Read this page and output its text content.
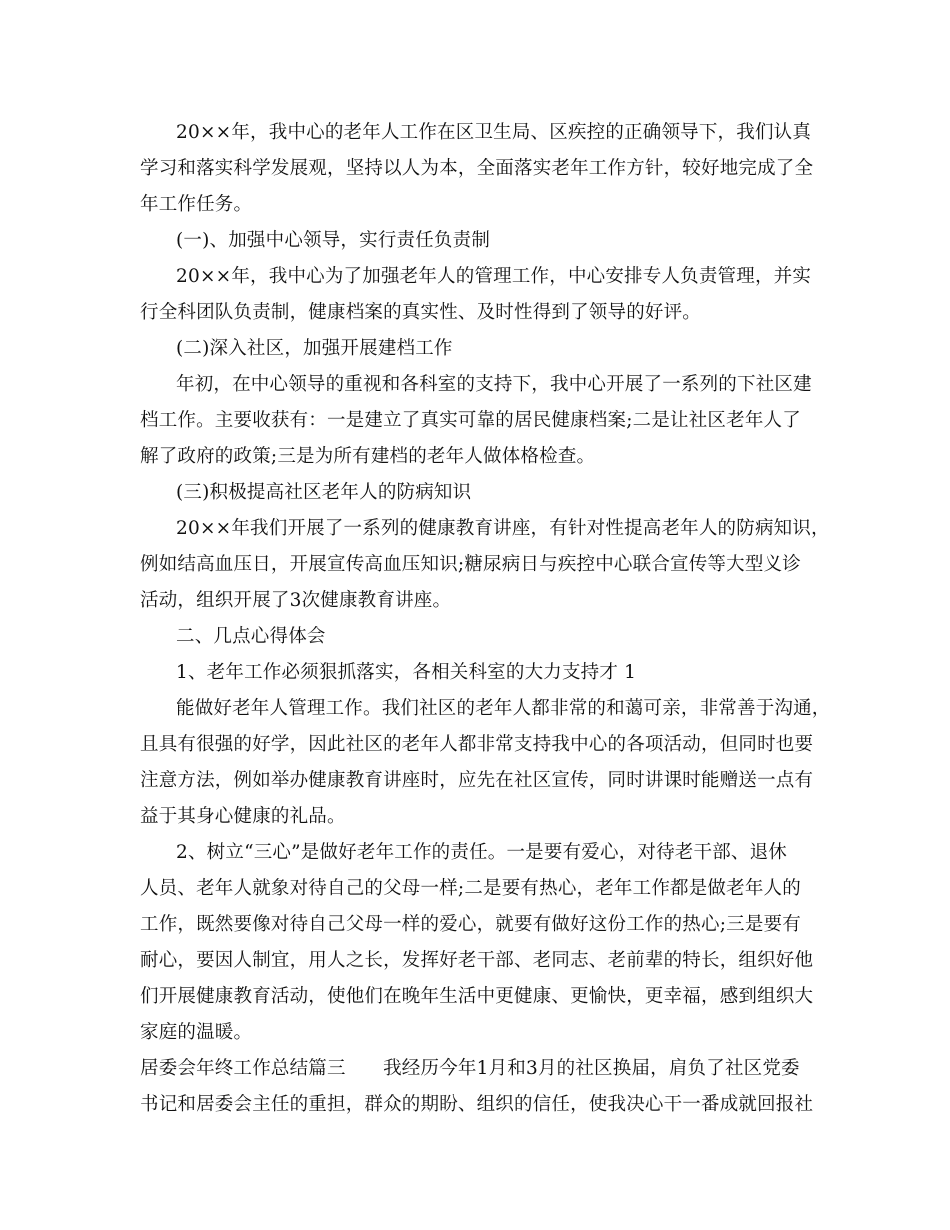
20××年，我中心的老年人工作在区卫生局、区疾控的正确领导下，我们认真
学习和落实科学发展观，坚持以人为本，全面落实老年工作方针，较好地完成了全
年工作任务。
(一)、加强中心领导，实行责任负责制
20××年，我中心为了加强老年人的管理工作，中心安排专人负责管理，并实
行全科团队负责制，健康档案的真实性、及时性得到了领导的好评。
(二)深入社区，加强开展建档工作
年初，在中心领导的重视和各科室的支持下，我中心开展了一系列的下社区建
档工作。主要收获有：一是建立了真实可靠的居民健康档案;二是让社区老年人了
解了政府的政策;三是为所有建档的老年人做体格检查。
(三)积极提高社区老年人的防病知识
20××年我们开展了一系列的健康教育讲座，有针对性提高老年人的防病知识，
例如结高血压日，开展宣传高血压知识;糖尿病日与疾控中心联合宣传等大型义诊
活动，组织开展了3次健康教育讲座。
二、几点心得体会
1、老年工作必须狠抓落实，各相关科室的大力支持才 1
能做好老年人管理工作。我们社区的老年人都非常的和蔼可亲，非常善于沟通，
且具有很强的好学，因此社区的老年人都非常支持我中心的各项活动，但同时也要
注意方法，例如举办健康教育讲座时，应先在社区宣传，同时讲课时能赠送一点有
益于其身心健康的礼品。
2、树立“三心”是做好老年工作的责任。一是要有爱心，对待老干部、退休
人员、老年人就象对待自己的父母一样;二是要有热心，老年工作都是做老年人的
工作，既然要像对待自己父母一样的爱心，就要有做好这份工作的热心;三是要有
耐心，要因人制宜，用人之长，发挥好老干部、老同志、老前辈的特长，组织好他
们开展健康教育活动，使他们在晚年生活中更健康、更愉快，更幸福，感到组织大
家庭的温暖。
居委会年终工作总结篇三　　我经历今年1月和3月的社区换届，肩负了社区党委
书记和居委会主任的重担，群众的期盼、组织的信任，使我决心干一番成就回报社
